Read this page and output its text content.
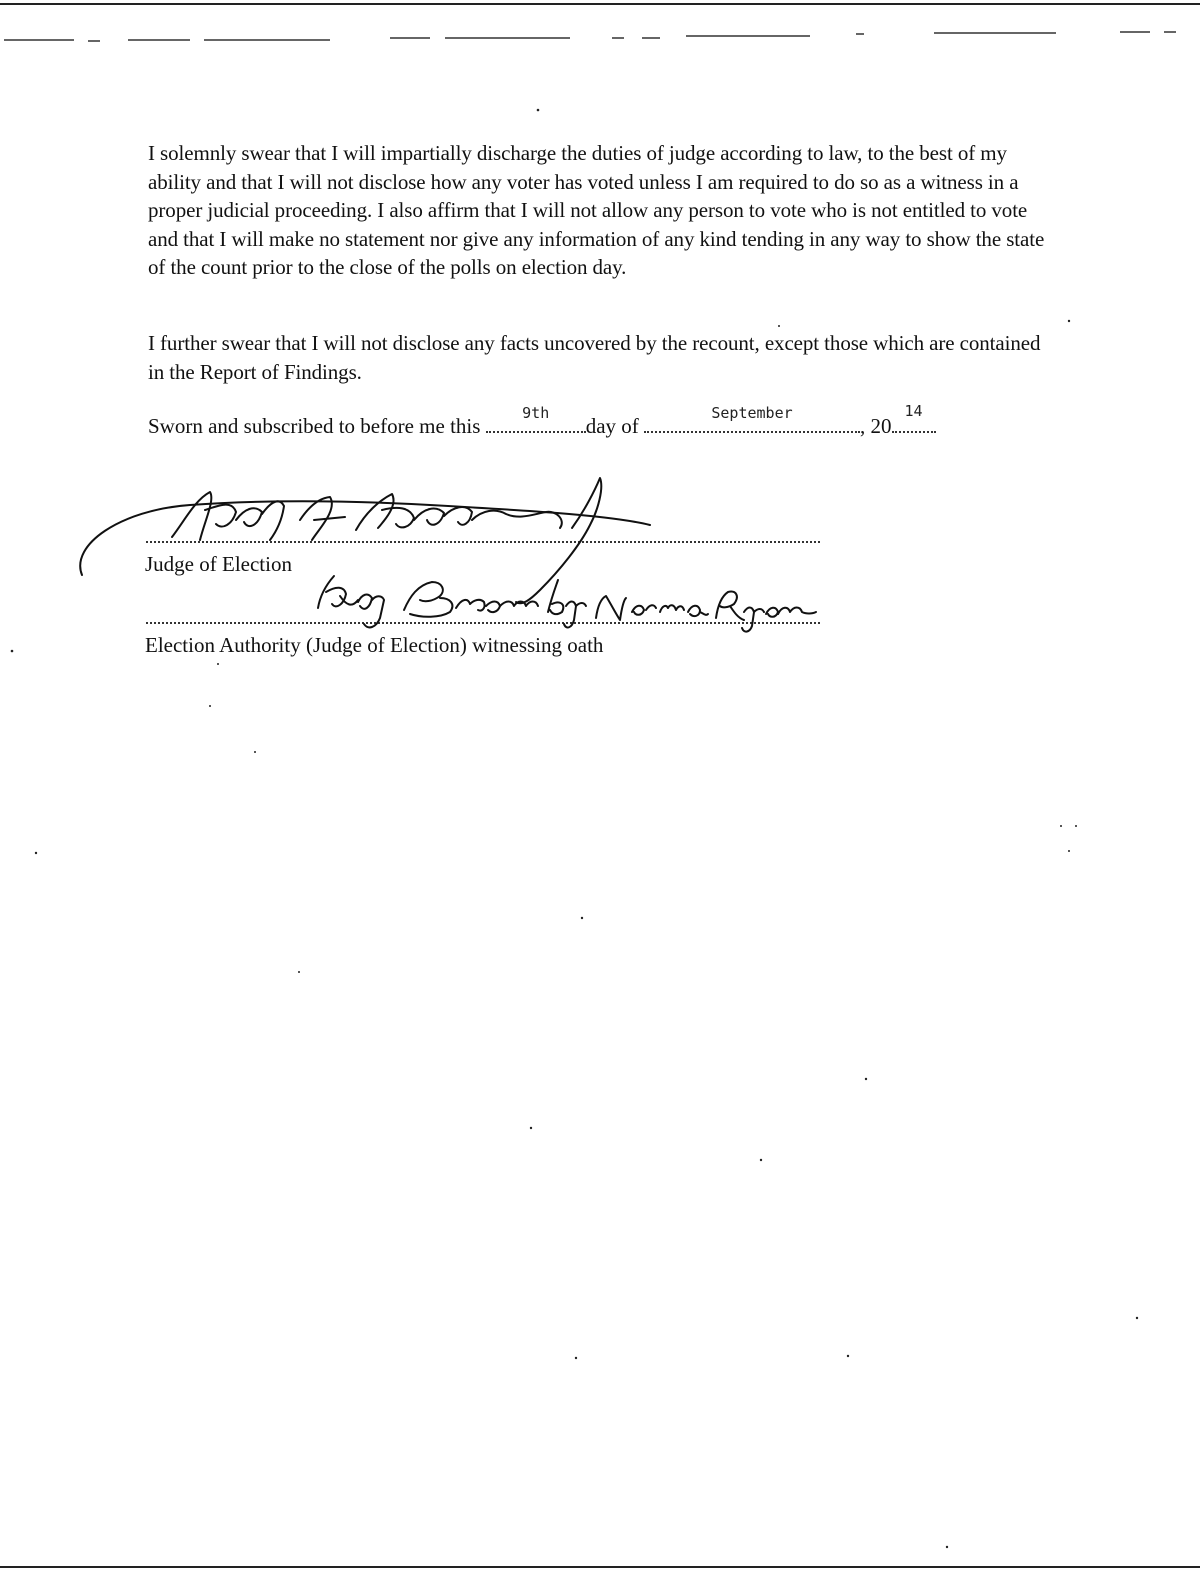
I solemnly swear that I will impartially discharge the duties of judge according to law, to the best of my ability and that I will not disclose how any voter has voted unless I am required to do so as a witness in a proper judicial proceeding. I also affirm that I will not allow any person to vote who is not entitled to vote and that I will make no statement nor give any information of any kind tending in any way to show the state of the count prior to the close of the polls on election day.

I further swear that I will not disclose any facts uncovered by the recount, except those which are contained in the Report of Findings.

Sworn and subscribed to before me this
9th
day of
September
, 20
14
Judge of Election
Election Authority (Judge of Election) witnessing oath
